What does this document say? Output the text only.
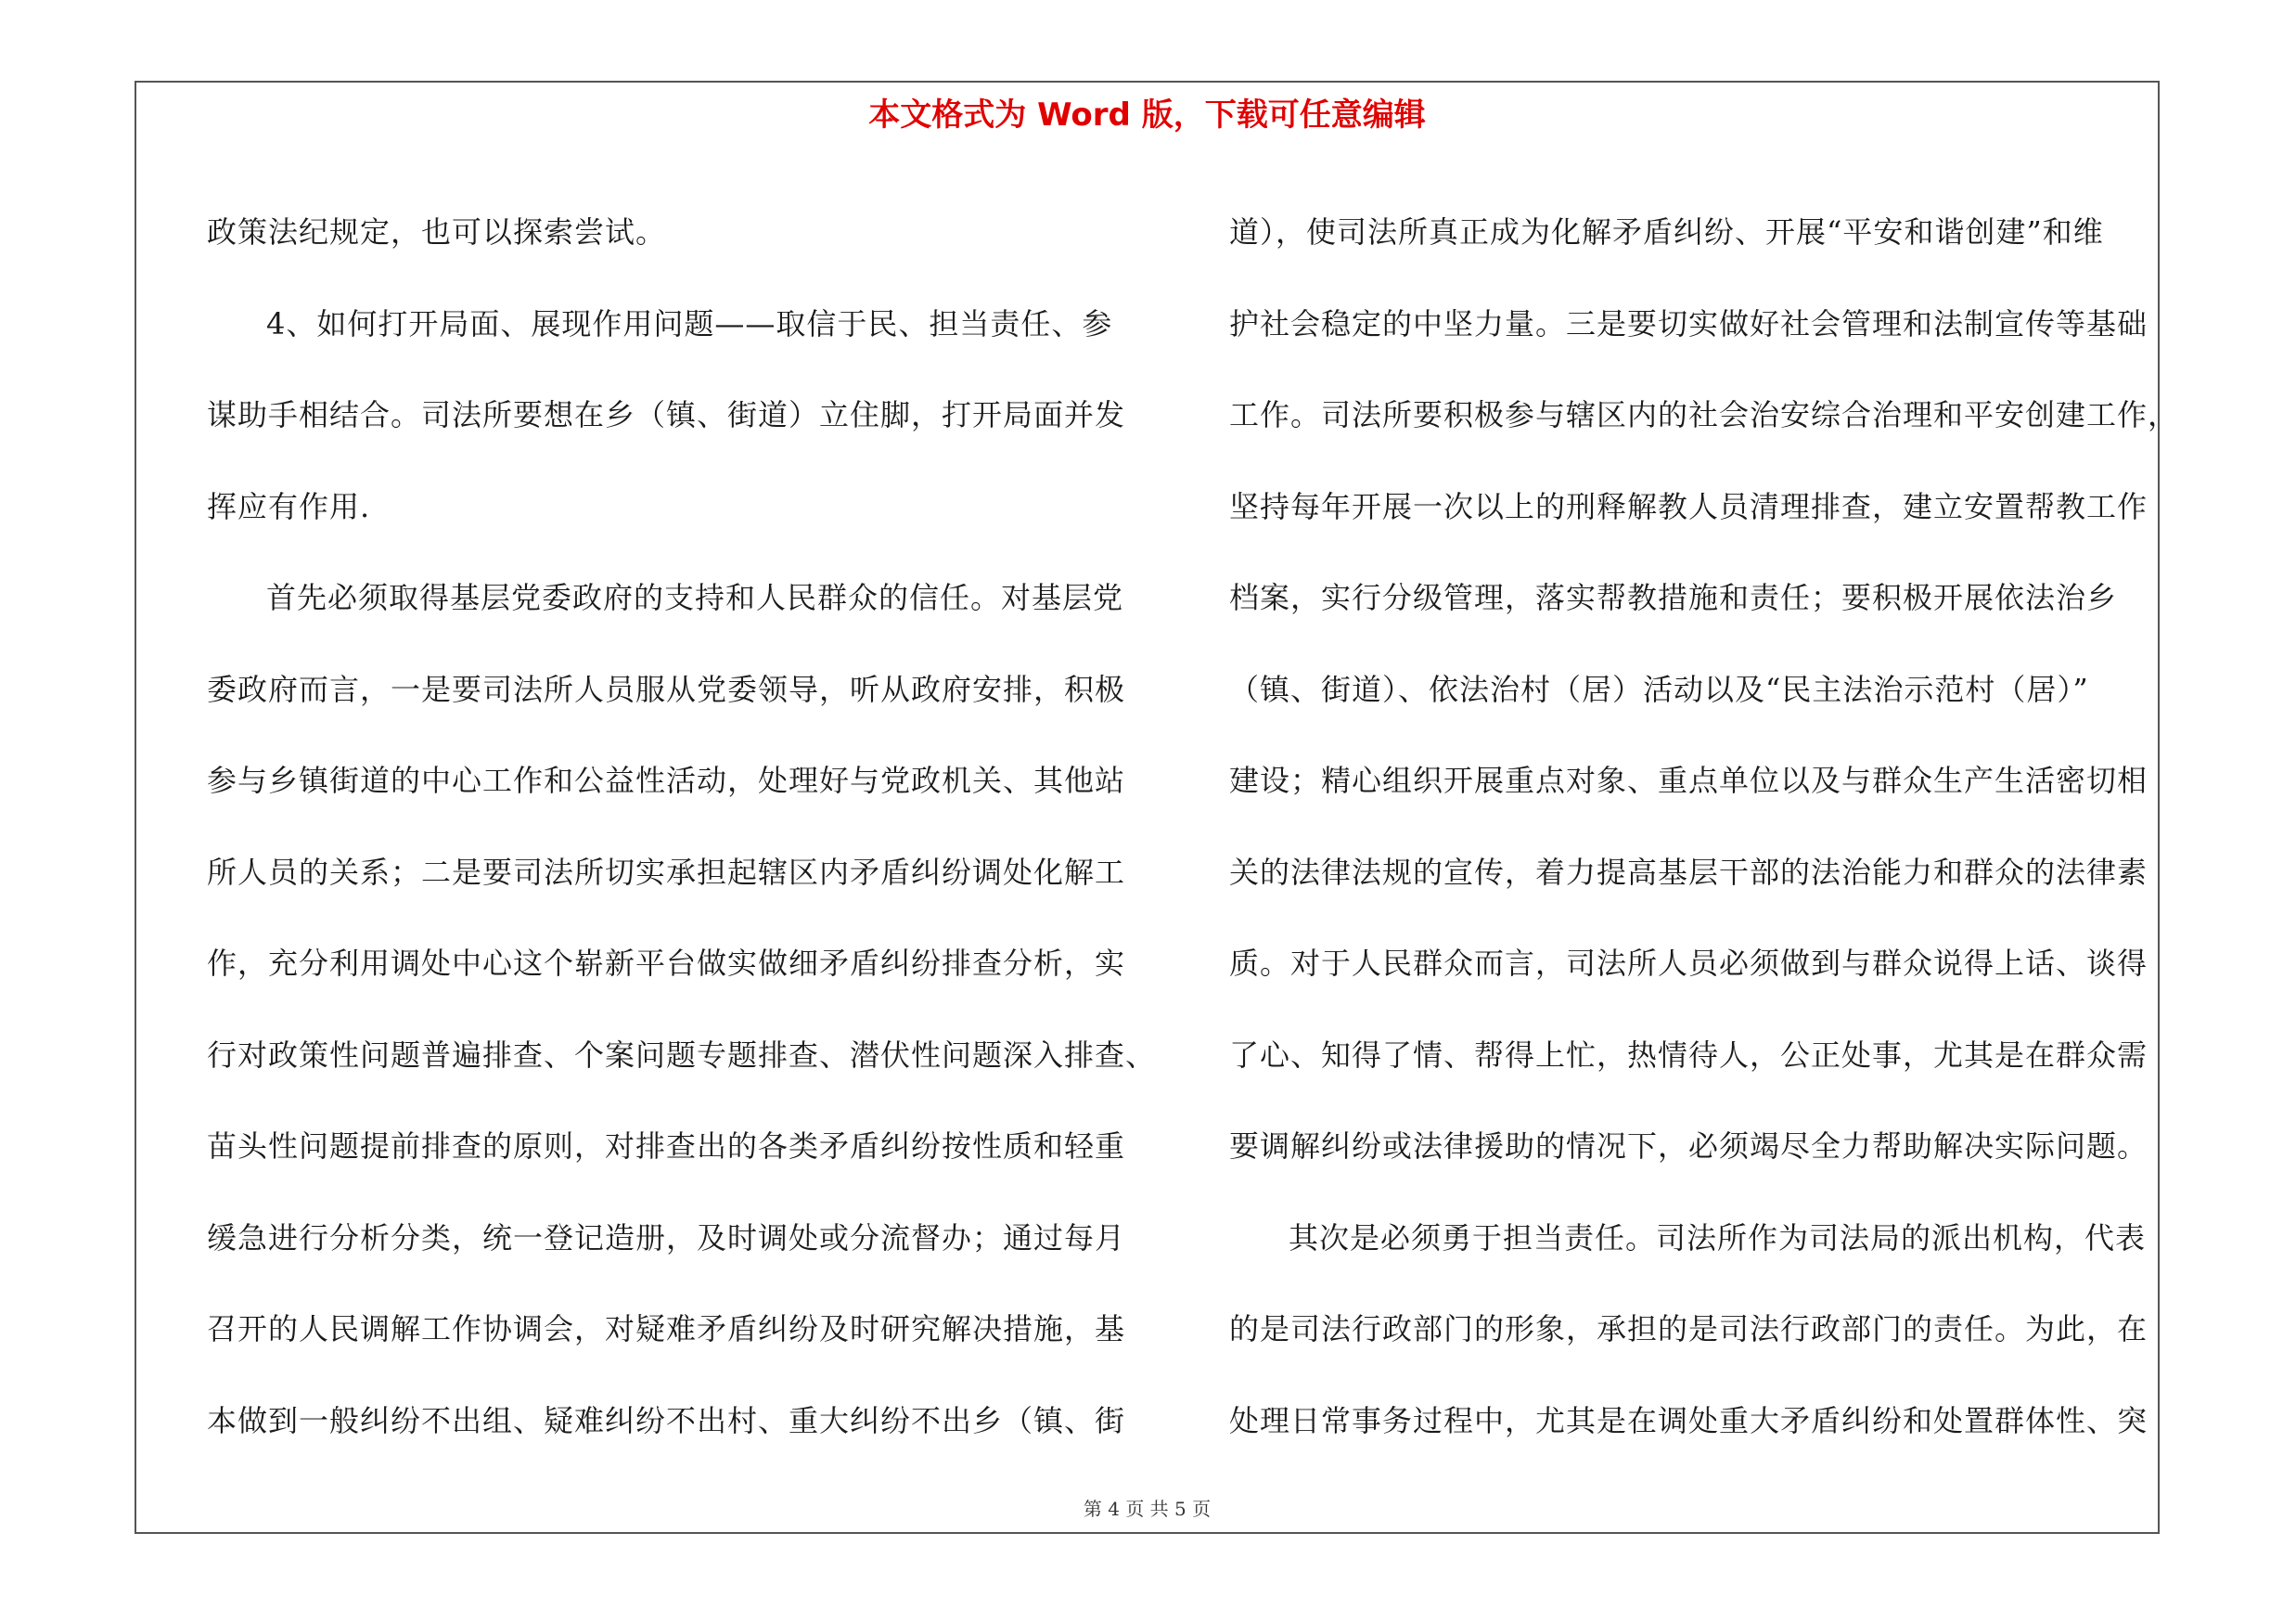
本文格式为 Word 版，下载可任意编辑
政策法纪规定，也可以探索尝试。
4、如何打开局面、展现作用问题——取信于民、担当责任、参
谋助手相结合。司法所要想在乡（镇、街道）立住脚，打开局面并发
挥应有作用.
首先必须取得基层党委政府的支持和人民群众的信任。对基层党
委政府而言，一是要司法所人员服从党委领导，听从政府安排，积极
参与乡镇街道的中心工作和公益性活动，处理好与党政机关、其他站
所人员的关系；二是要司法所切实承担起辖区内矛盾纠纷调处化解工
作，充分利用调处中心这个崭新平台做实做细矛盾纠纷排查分析，实
行对政策性问题普遍排查、个案问题专题排查、潜伏性问题深入排查、
苗头性问题提前排查的原则，对排查出的各类矛盾纠纷按性质和轻重
缓急进行分析分类，统一登记造册，及时调处或分流督办；通过每月
召开的人民调解工作协调会，对疑难矛盾纠纷及时研究解决措施，基
本做到一般纠纷不出组、疑难纠纷不出村、重大纠纷不出乡（镇、街
道），使司法所真正成为化解矛盾纠纷、开展“平安和谐创建”和维
护社会稳定的中坚力量。三是要切实做好社会管理和法制宣传等基础
工作。司法所要积极参与辖区内的社会治安综合治理和平安创建工作，
坚持每年开展一次以上的刑释解教人员清理排查，建立安置帮教工作
档案，实行分级管理，落实帮教措施和责任；要积极开展依法治乡
（镇、街道）、依法治村（居）活动以及“民主法治示范村（居）”
建设；精心组织开展重点对象、重点单位以及与群众生产生活密切相
关的法律法规的宣传，着力提高基层干部的法治能力和群众的法律素
质。对于人民群众而言，司法所人员必须做到与群众说得上话、谈得
了心、知得了情、帮得上忙，热情待人，公正处事，尤其是在群众需
要调解纠纷或法律援助的情况下，必须竭尽全力帮助解决实际问题。
其次是必须勇于担当责任。司法所作为司法局的派出机构，代表
的是司法行政部门的形象，承担的是司法行政部门的责任。为此，在
处理日常事务过程中，尤其是在调处重大矛盾纠纷和处置群体性、突
第 4 页 共 5 页
